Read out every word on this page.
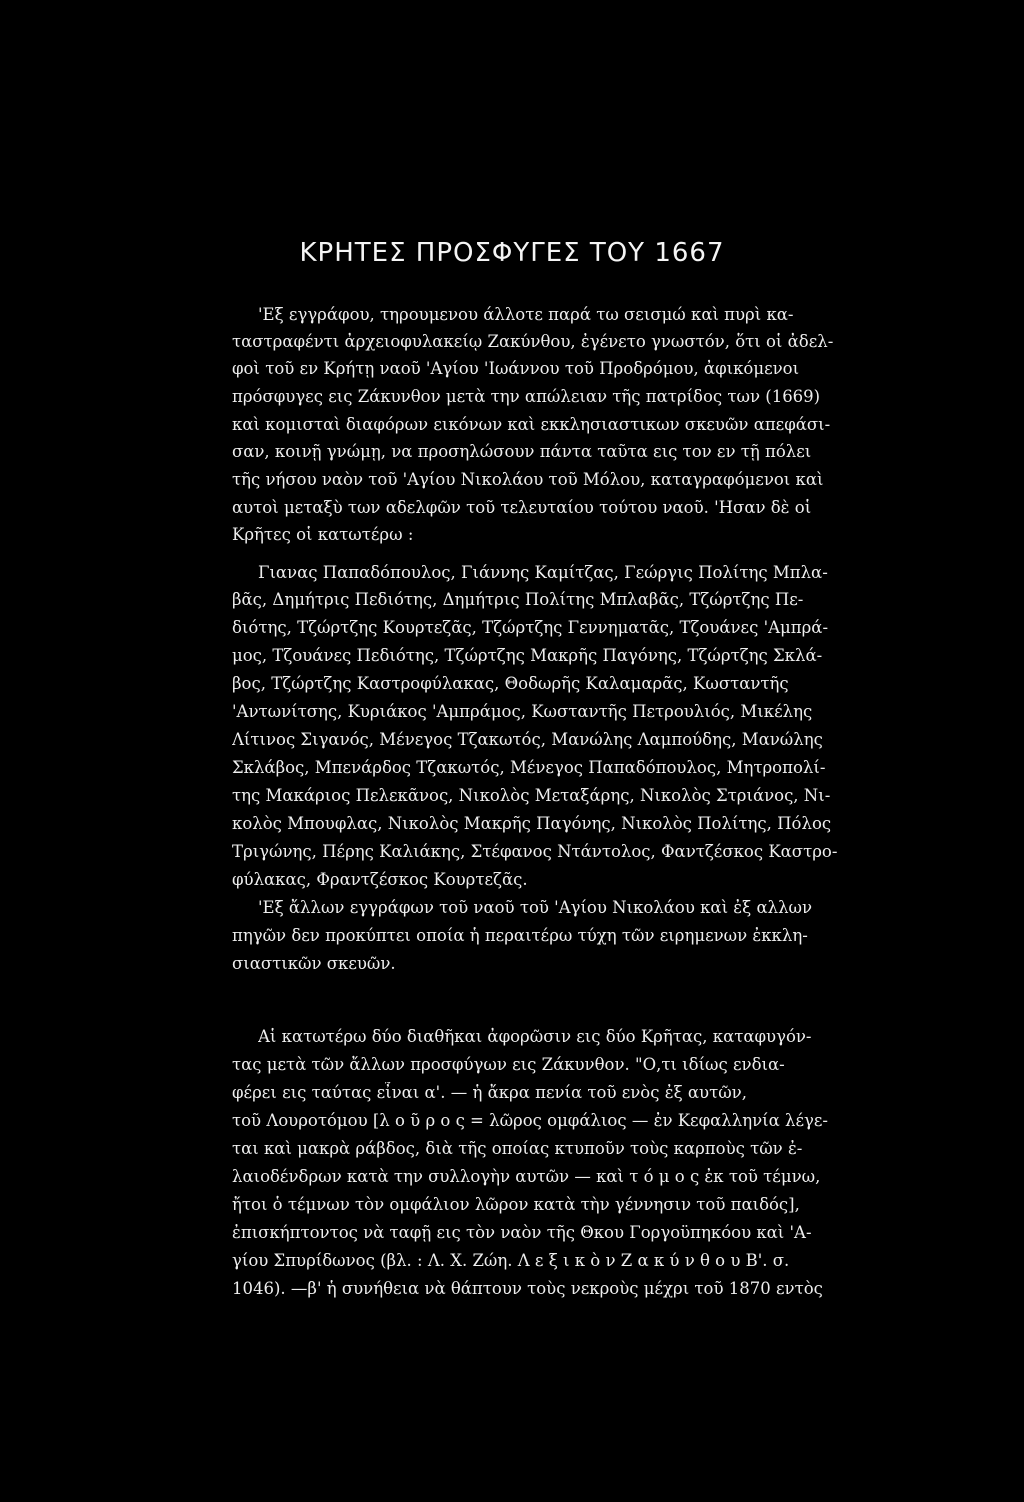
ΚΡΗΤΕΣ ΠΡΟΣΦΥΓΕΣ ΤΟΥ 1667
'Εξ εγγράφου, τηρουμενου άλλοτε παρά τω σεισμώ καὶ πυρὶ κα-
ταστραφέντι ἀρχειοφυλακείῳ Ζακύνθου, ἐγένετο γνωστόν, ὅτι οἱ ἀδελ-
φοὶ τοῦ εν Κρήτῃ ναοῦ 'Αγίου 'Ιωάννου τοῦ Προδρόμου, ἀφικόμενοι
πρόσφυγες εις Ζάκυνθον μετὰ την απώλειαν τῆς πατρίδος των (1669)
καὶ κομισταὶ διαφόρων εικόνων καὶ εκκλησιαστικων σκευῶν απεφάσι-
σαν, κοινῇ γνώμῃ, να προσηλώσουν πάντα ταῦτα εις τον εν τῇ πόλει
τῆς νήσου ναὸν τοῦ 'Αγίου Νικολάου τοῦ Μόλου, καταγραφόμενοι καὶ
αυτοὶ μεταξὺ των αδελφῶν τοῦ τελευταίου τούτου ναοῦ. 'Ησαν δὲ οἱ
Κρῆτες οἱ κατωτέρω :
Γιανας Παπαδόπουλος, Γιάννης Καμίτζας, Γεώργις Πολίτης Μπλα-
βᾶς, Δημήτρις Πεδιότης, Δημήτρις Πολίτης Μπλαβᾶς, Τζώρτζης Πε-
διότης, Τζώρτζης Κουρτεζᾶς, Τζώρτζης Γεννηματᾶς, Τζουάνες 'Αμπρά-
μος, Τζουάνες Πεδιότης, Τζώρτζης Μακρῆς Παγόνης, Τζώρτζης Σκλά-
βος, Τζώρτζης Καστροφύλακας, Θοδωρῆς Καλαμαρᾶς, Κωσταντῆς
'Αντωνίτσης, Κυριάκος 'Αμπράμος, Κωσταντῆς Πετρουλιός, Μικέλης
Λίτινος Σιγανός, Μένεγος Τζακωτός, Μανώλης Λαμπούδης, Μανώλης
Σκλάβος, Μπενάρδος Τζακωτός, Μένεγος Παπαδόπουλος, Μητροπολί-
της Μακάριος Πελεκᾶνος, Νικολὸς Μεταξάρης, Νικολὸς Στριάνος, Νι-
κολὸς Μπουφλας, Νικολὸς Μακρῆς Παγόνης, Νικολὸς Πολίτης, Πόλος
Τριγώνης, Πέρης Καλιάκης, Στέφανος Ντάντολος, Φαντζέσκος Καστρο-
φύλακας, Φραντζέσκος Κουρτεζᾶς.
'Εξ ἄλλων εγγράφων τοῦ ναοῦ τοῦ 'Αγίου Νικολάου καὶ ἐξ αλλων
πηγῶν δεν προκύπτει οποία ἡ περαιτέρω τύχη τῶν ειρημενων ἐκκλη-
σιαστικῶν σκευῶν.
Αἱ κατωτέρω δύο διαθῆκαι ἀφορῶσιν εις δύο Κρῆτας, καταφυγόν-
τας μετὰ τῶν ἄλλων προσφύγων εις Ζάκυνθον. "Ο,τι ιδίως ενδια-
φέρει εις ταύτας εἶναι α'. — ἡ ἄκρα πενία τοῦ ενὸς ἐξ αυτῶν,
τοῦ Λουροτόμου [λ ο ῦ ρ ο ς = λῶρος ομφάλιος — ἐν Κεφαλληνία λέγε-
ται καὶ μακρὰ ράβδος, διὰ τῆς οποίας κτυποῦν τοὺς καρποὺς τῶν ἐ-
λαιοδένδρων κατὰ την συλλογὴν αυτῶν — καὶ τ ό μ ο ς ἐκ τοῦ τέμνω,
ἤτοι ὁ τέμνων τὸν ομφάλιον λῶρον κατὰ τὴν γέννησιν τοῦ παιδός],
ἐπισκήπτοντος νὰ ταφῇ εις τὸν ναὸν τῆς Θκου Γοργοϋπηκόου καὶ 'Α-
γίου Σπυρίδωνος (βλ. : Λ. Χ. Ζώη. Λ ε ξ ι κ ὸ ν Ζ α κ ύ ν θ ο υ Β'. σ.
1046). —β' ἡ συνήθεια νὰ θάπτουν τοὺς νεκροὺς μέχρι τοῦ 1870 εντὸς
